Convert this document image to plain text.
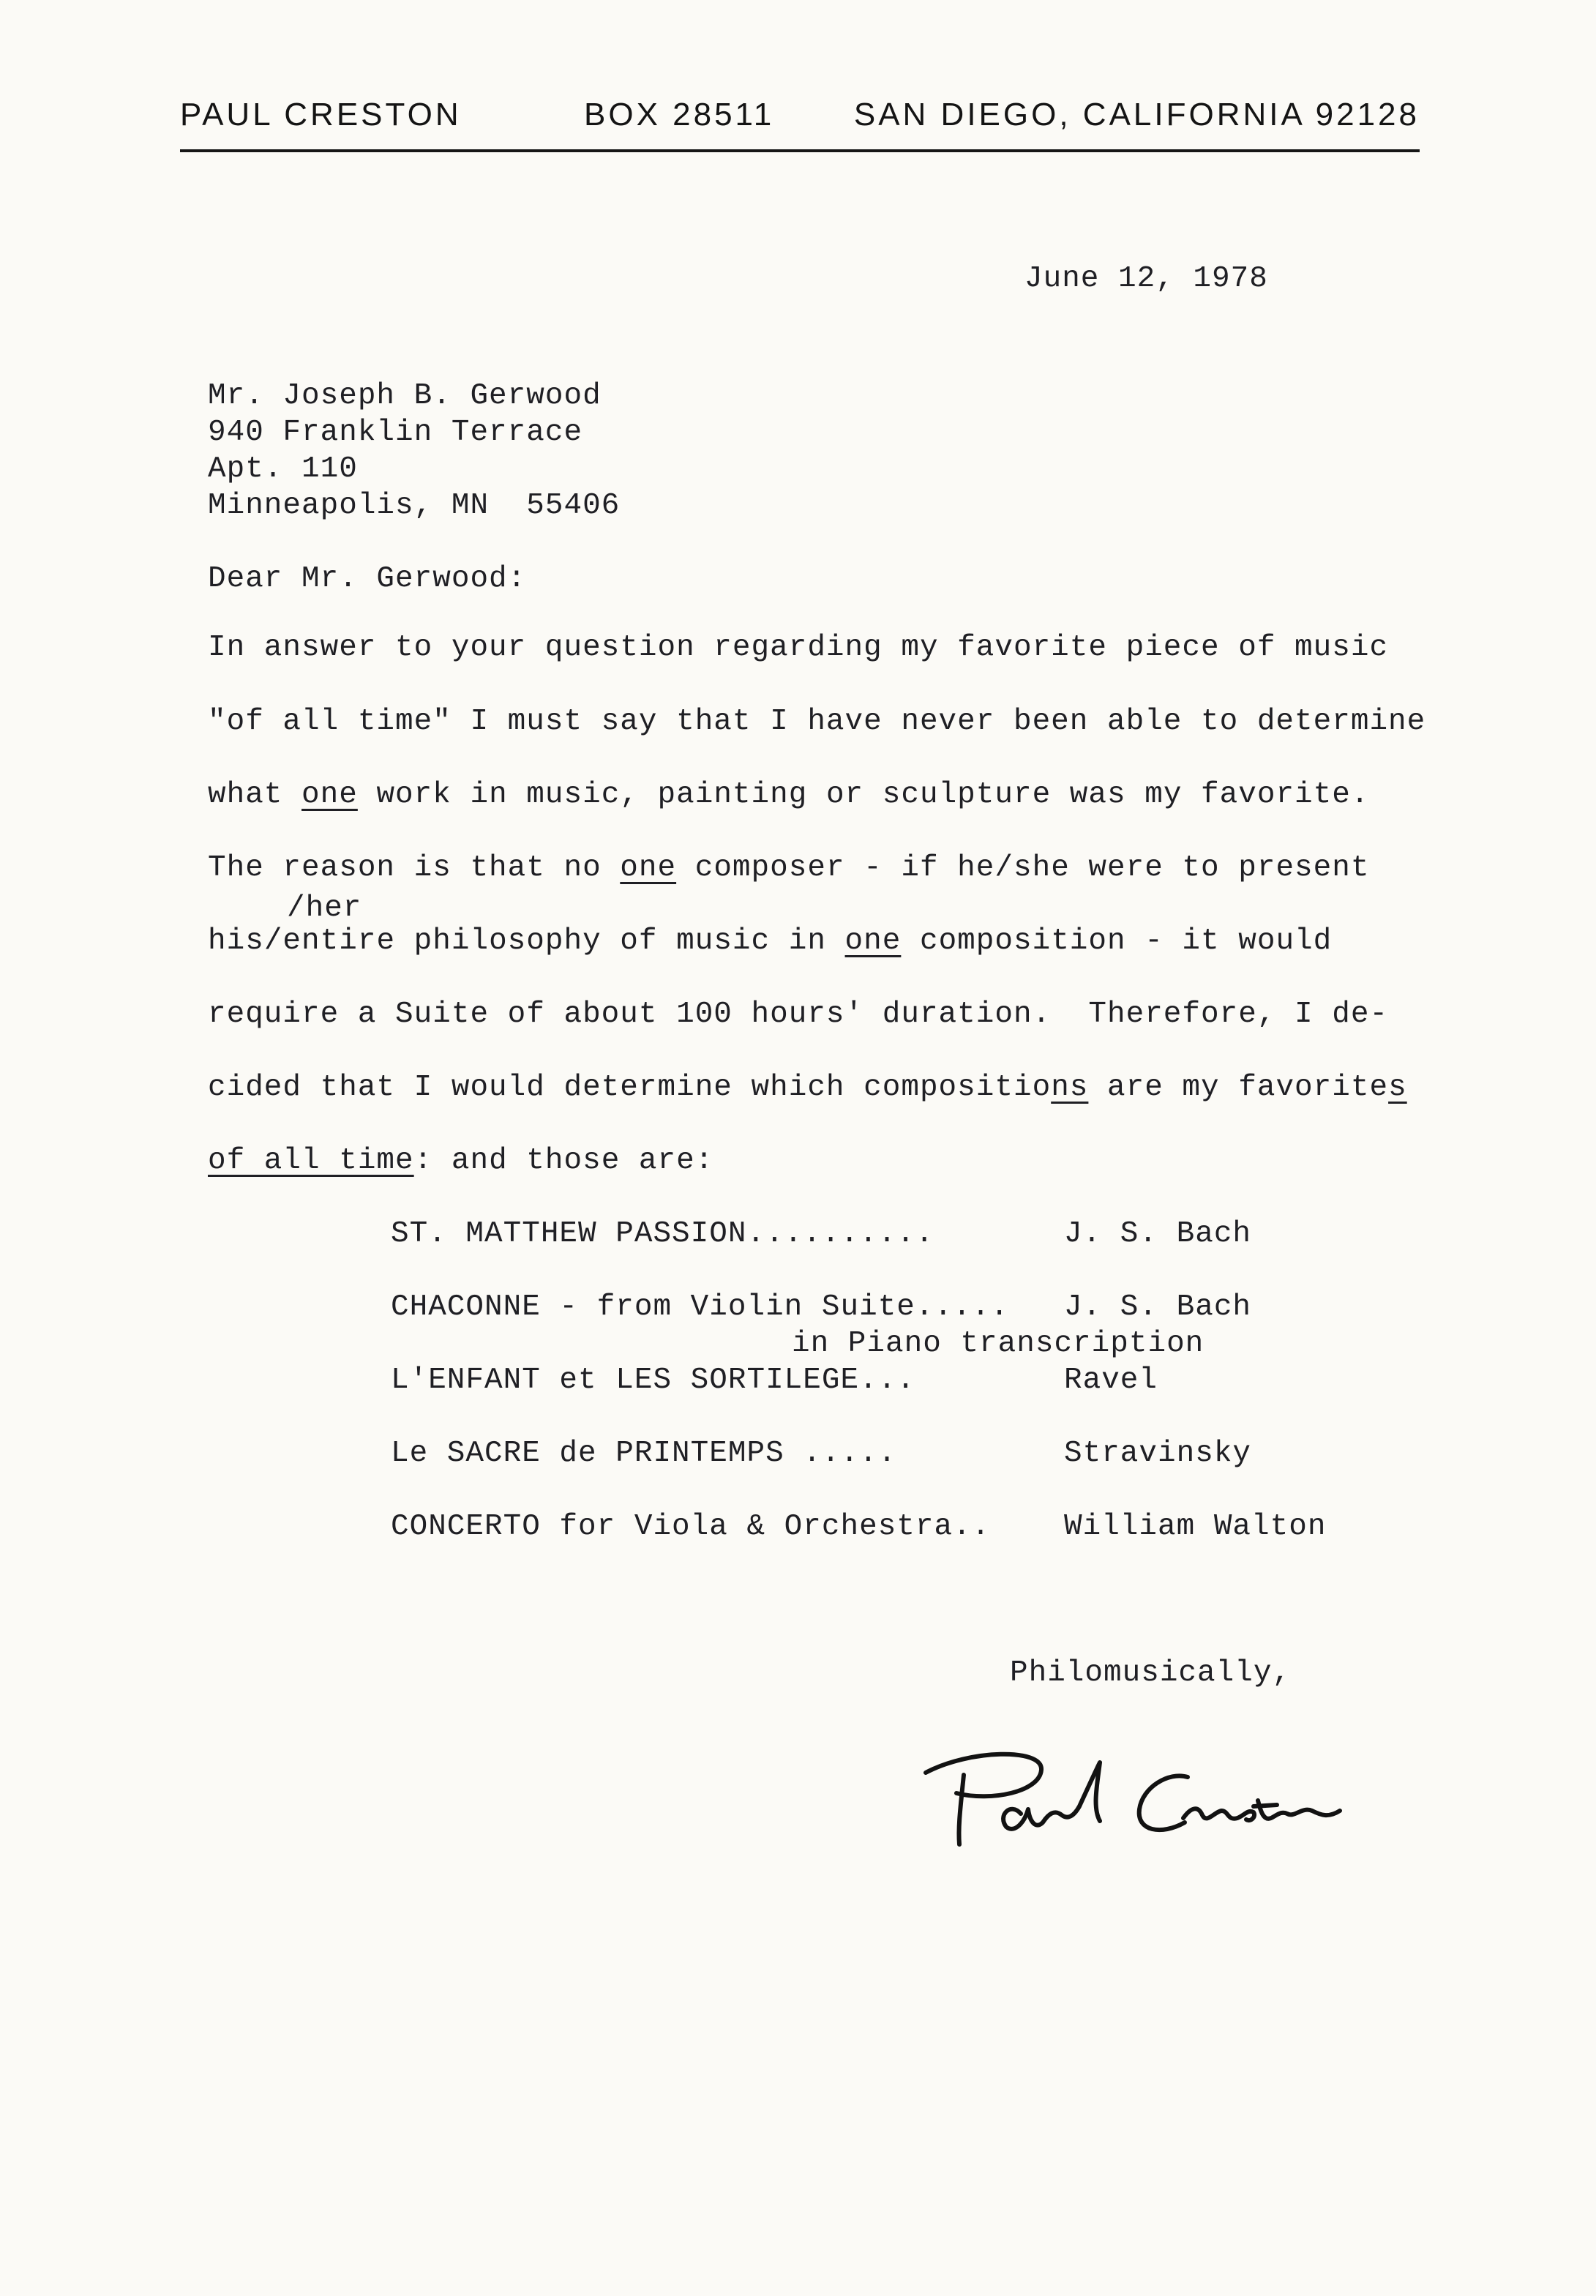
PAUL CRESTON	BOX 28511 SAN DIEGO, CALIFORNIA 92128
June 12, 1978
Mr. Joseph B. Gerwood
940 Franklin Terrace
Apt. 110
Minneapolis, MN  55406
Dear Mr. Gerwood:
In answer to your question regarding my favorite piece of music
"of all time" I must say that I have never been able to determine
what one work in music, painting or sculpture was my favorite.
The reason is that no one composer - if he/she were to present
/her
his/entire philosophy of music in one composition - it would
require a Suite of about 100 hours' duration.  Therefore, I de-
cided that I would determine which compositions are my favorites
of all time: and those are:
ST. MATTHEW PASSION..........	J. S. Bach
CHACONNE - from Violin Suite..... J. S. Bach
in Piano transcription
L'ENFANT et LES SORTILEGE...	Ravel
Le SACRE de PRINTEMPS .....	Stravinsky
CONCERTO for Viola & Orchestra.. William Walton
Philomusically,
